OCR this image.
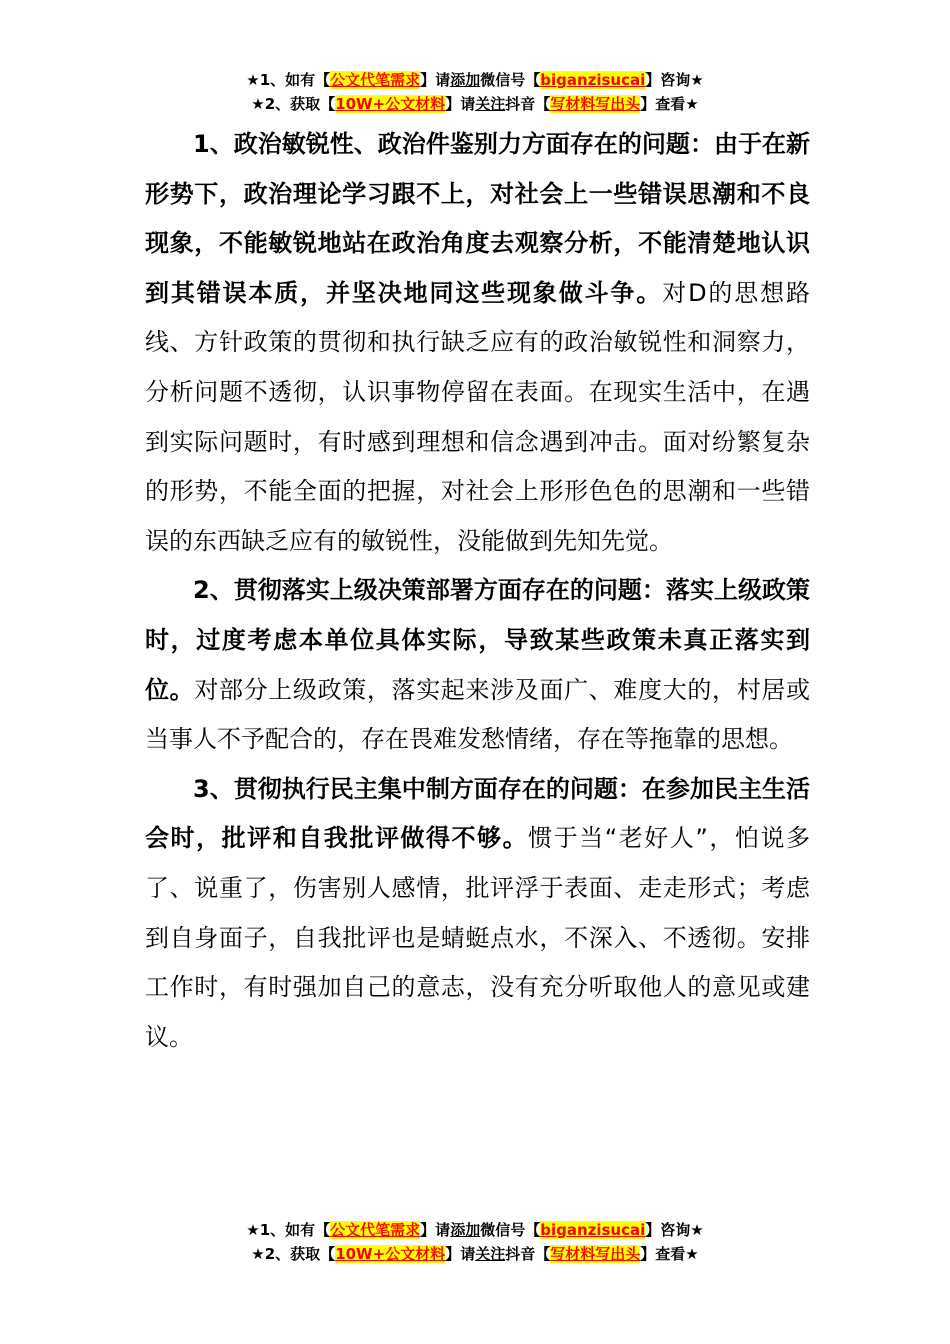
★1、如有【公文代笔需求】请添加微信号【biganzisucai】咨询★
★2、获取【10W+公文材料】请关注抖音【写材料写出头】查看★

1、政治敏锐性、政治件鉴别力方面存在的问题：由于在新形势下，政治理论学习跟不上，对社会上一些错误思潮和不良现象，不能敏锐地站在政治角度去观察分析，不能清楚地认识到其错误本质，并坚决地同这些现象做斗争。对D的思想路线、方针政策的贯彻和执行缺乏应有的政治敏锐性和洞察力，分析问题不透彻，认识事物停留在表面。在现实生活中，在遇到实际问题时，有时感到理想和信念遇到冲击。面对纷繁复杂的形势，不能全面的把握，对社会上形形色色的思潮和一些错误的东西缺乏应有的敏锐性，没能做到先知先觉。

2、贯彻落实上级决策部署方面存在的问题：落实上级政策时，过度考虑本单位具体实际，导致某些政策未真正落实到位。对部分上级政策，落实起来涉及面广、难度大的，村居或当事人不予配合的，存在畏难发愁情绪，存在等拖靠的思想。

3、贯彻执行民主集中制方面存在的问题：在参加民主生活会时，批评和自我批评做得不够。惯于当“老好人”，怕说多了、说重了，伤害别人感情，批评浮于表面、走走形式；考虑到自身面子，自我批评也是蜻蜓点水，不深入、不透彻。安排工作时，有时强加自己的意志，没有充分听取他人的意见或建议。

★1、如有【公文代笔需求】请添加微信号【biganzisucai】咨询★
★2、获取【10W+公文材料】请关注抖音【写材料写出头】查看★
